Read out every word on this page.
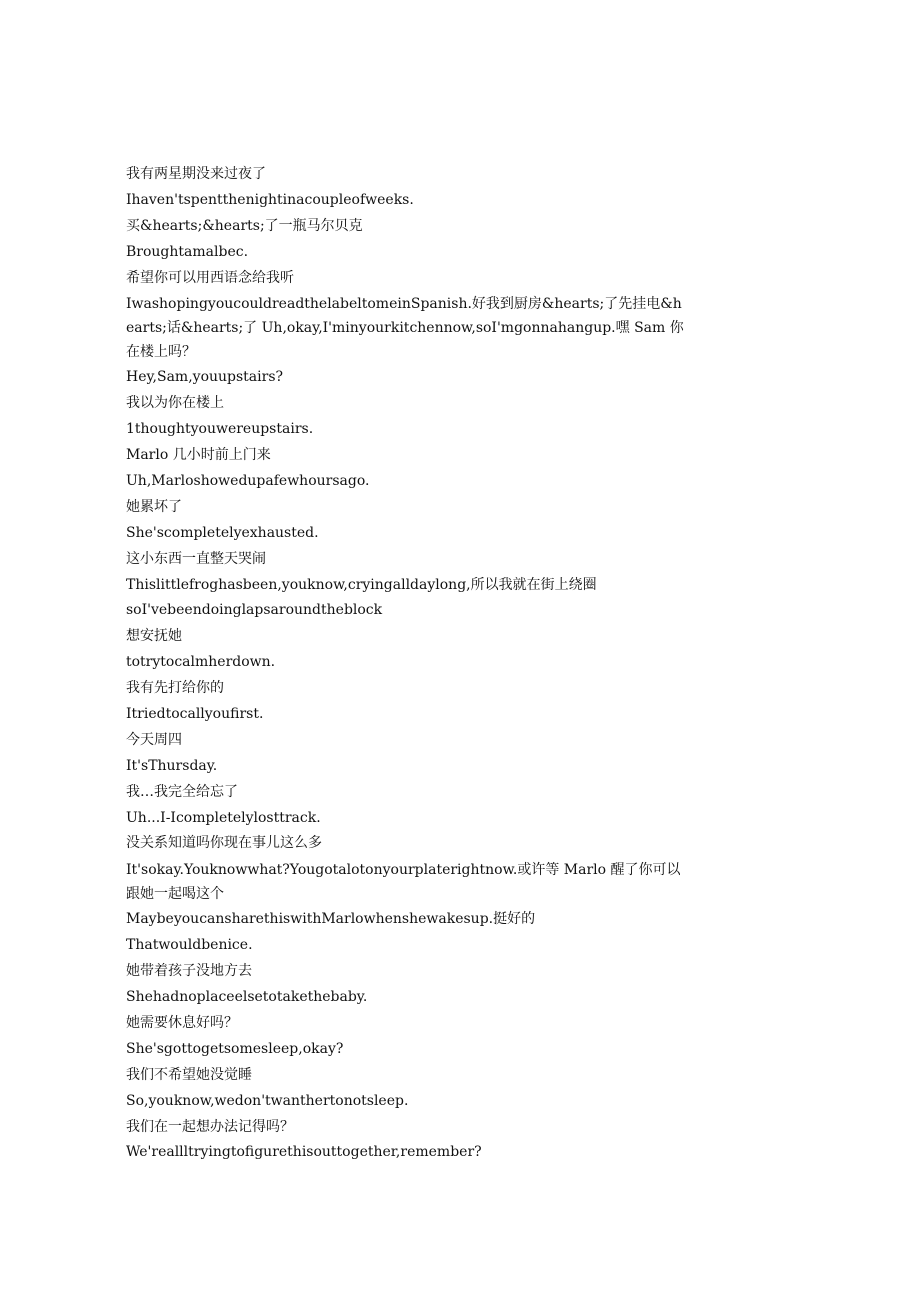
我有两星期没来过夜了

Ihaven'tspentthenightinacoupleofweeks.

买&hearts;&hearts;了一瓶马尔贝克

Broughtamalbec.

希望你可以用西语念给我听

IwashopingyoucouldreadthelabeltomeinSpanish.好我到厨房&hearts;了先挂电&hearts;话&hearts;了 Uh,okay,I'minyourkitchennow,soI'mgonnahangup.嘿 Sam 你在楼上吗？

Hey,Sam,youupstairs?

我以为你在楼上

1thoughtyouwereupstairs.

Marlo 几小时前上门来

Uh,Marloshowedupafewhoursago.

她累坏了

She'scompletelyexhausted.

这小东西一直整天哭闹

Thislittlefroghasbeen,youknow,cryingalldaylong,所以我就在街上绕圈

soI'vebeendoinglapsaroundtheblock

想安抚她

totrytocalmherdown.

我有先打给你的

Itriedtocallyoufirst.

今天周四

It'sThursday.

我…我完全给忘了

Uh...I-Icompletelylosttrack.

没关系知道吗你现在事儿这么多

It'sokay.Youknowwhat?Yougotalotonyourplaterightnow.或许等 Marlo 醒了你可以跟她一起喝这个

MaybeyoucansharethiswithMarlowhenshewakesup.挺好的

Thatwouldbenice.

她带着孩子没地方去

Shehadnoplaceelsetotakethebaby.

她需要休息好吗？

She'sgottogetsomesleep,okay?

我们不希望她没觉睡

So,youknow,wedon'twanthertonotsleep.

我们在一起想办法记得吗？

We'reallltryingtofigurethisouttogether,remember?
